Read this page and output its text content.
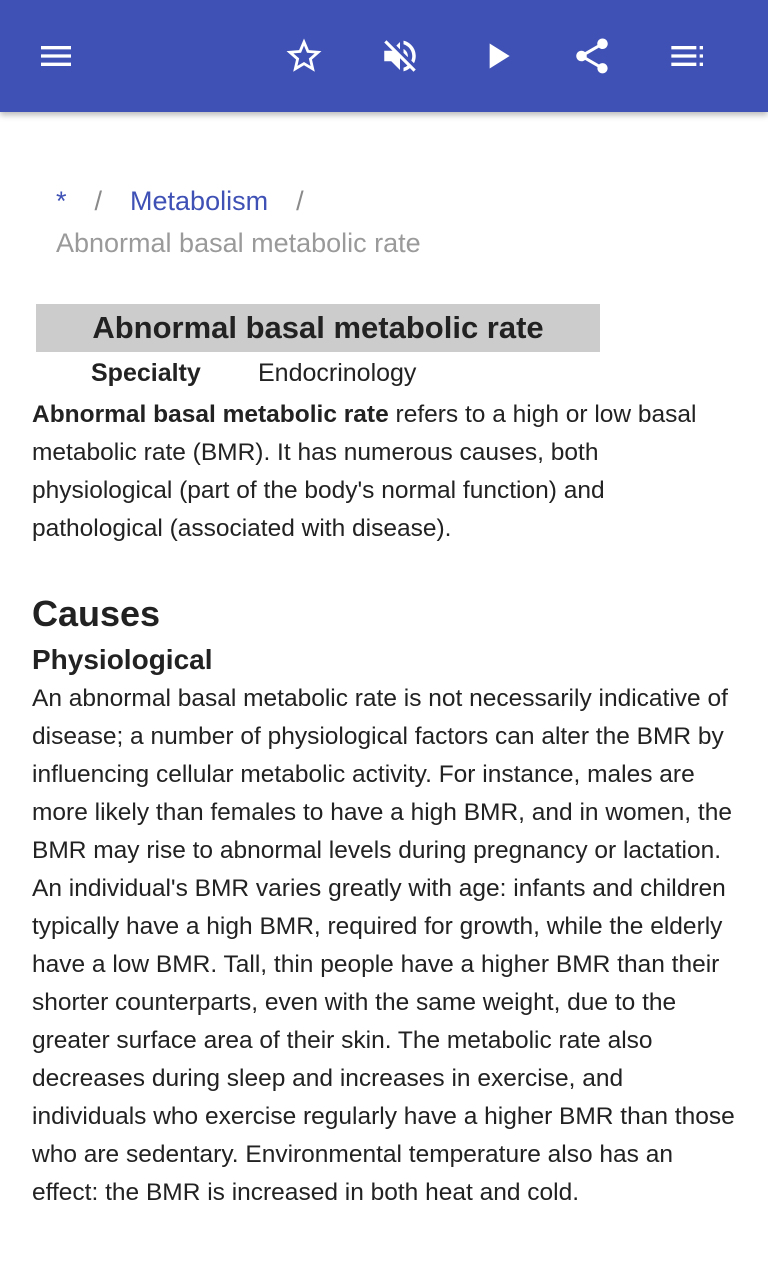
* / Metabolism /
Abnormal basal metabolic rate
Abnormal basal metabolic rate
Specialty Endocrinology

Abnormal basal metabolic rate refers to a high or low basal metabolic rate (BMR). It has numerous causes, both physiological (part of the body's normal function) and pathological (associated with disease).

Causes
Physiological

An abnormal basal metabolic rate is not necessarily indicative of disease; a number of physiological factors can alter the BMR by influencing cellular metabolic activity. For instance, males are more likely than females to have a high BMR, and in women, the BMR may rise to abnormal levels during pregnancy or lactation. An individual's BMR varies greatly with age: infants and children typically have a high BMR, required for growth, while the elderly have a low BMR. Tall, thin people have a higher BMR than their shorter counterparts, even with the same weight, due to the greater surface area of their skin. The metabolic rate also decreases during sleep and increases in exercise, and individuals who exercise regularly have a higher BMR than those who are sedentary. Environmental temperature also has an effect: the BMR is increased in both heat and cold.
